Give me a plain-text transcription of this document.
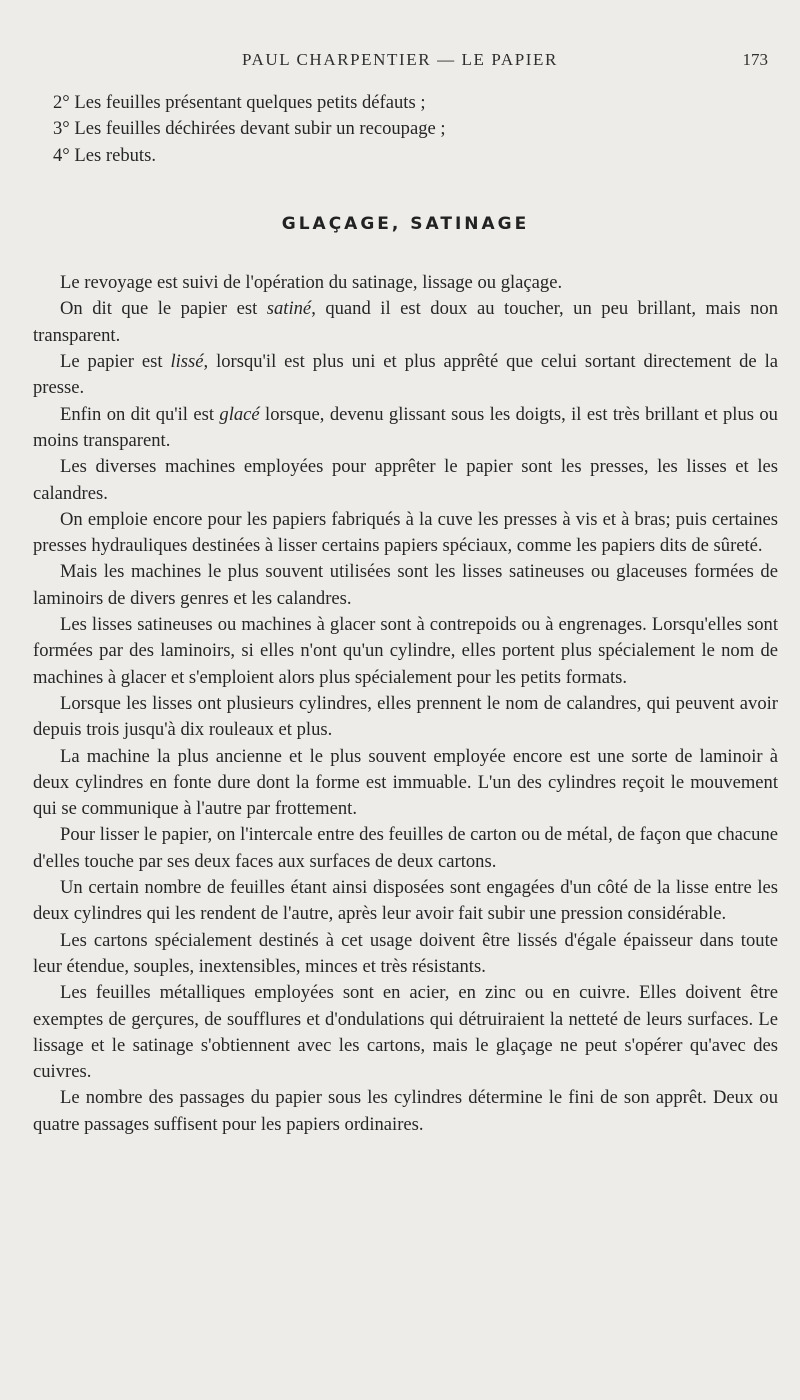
PAUL CHARPENTIER — LE PAPIER	173
2° Les feuilles présentant quelques petits défauts ;
3° Les feuilles déchirées devant subir un recoupage ;
4° Les rebuts.
GLAÇAGE, SATINAGE

Le revoyage est suivi de l'opération du satinage, lissage ou glaçage.

On dit que le papier est satiné, quand il est doux au toucher, un peu brillant, mais non transparent.

Le papier est lissé, lorsqu'il est plus uni et plus apprêté que celui sortant directement de la presse.

Enfin on dit qu'il est glacé lorsque, devenu glissant sous les doigts, il est très brillant et plus ou moins transparent.

Les diverses machines employées pour apprêter le papier sont les presses, les lisses et les calandres.

On emploie encore pour les papiers fabriqués à la cuve les presses à vis et à bras; puis certaines presses hydrauliques destinées à lisser certains papiers spéciaux, comme les papiers dits de sûreté.

Mais les machines le plus souvent utilisées sont les lisses satineuses ou glaceuses formées de laminoirs de divers genres et les calandres.

Les lisses satineuses ou machines à glacer sont à contrepoids ou à engrenages. Lorsqu'elles sont formées par des laminoirs, si elles n'ont qu'un cylindre, elles portent plus spécialement le nom de machines à glacer et s'emploient alors plus spécialement pour les petits formats.

Lorsque les lisses ont plusieurs cylindres, elles prennent le nom de calandres, qui peuvent avoir depuis trois jusqu'à dix rouleaux et plus.

La machine la plus ancienne et le plus souvent employée encore est une sorte de laminoir à deux cylindres en fonte dure dont la forme est immuable. L'un des cylindres reçoit le mouvement qui se communique à l'autre par frottement.

Pour lisser le papier, on l'intercale entre des feuilles de carton ou de métal, de façon que chacune d'elles touche par ses deux faces aux surfaces de deux cartons.

Un certain nombre de feuilles étant ainsi disposées sont engagées d'un côté de la lisse entre les deux cylindres qui les rendent de l'autre, après leur avoir fait subir une pression considérable.

Les cartons spécialement destinés à cet usage doivent être lissés d'égale épaisseur dans toute leur étendue, souples, inextensibles, minces et très résistants.

Les feuilles métalliques employées sont en acier, en zinc ou en cuivre. Elles doivent être exemptes de gerçures, de soufflures et d'ondulations qui détruiraient la netteté de leurs surfaces. Le lissage et le satinage s'obtiennent avec les cartons, mais le glaçage ne peut s'opérer qu'avec des cuivres.

Le nombre des passages du papier sous les cylindres détermine le fini de son apprêt. Deux ou quatre passages suffisent pour les papiers ordinaires.
